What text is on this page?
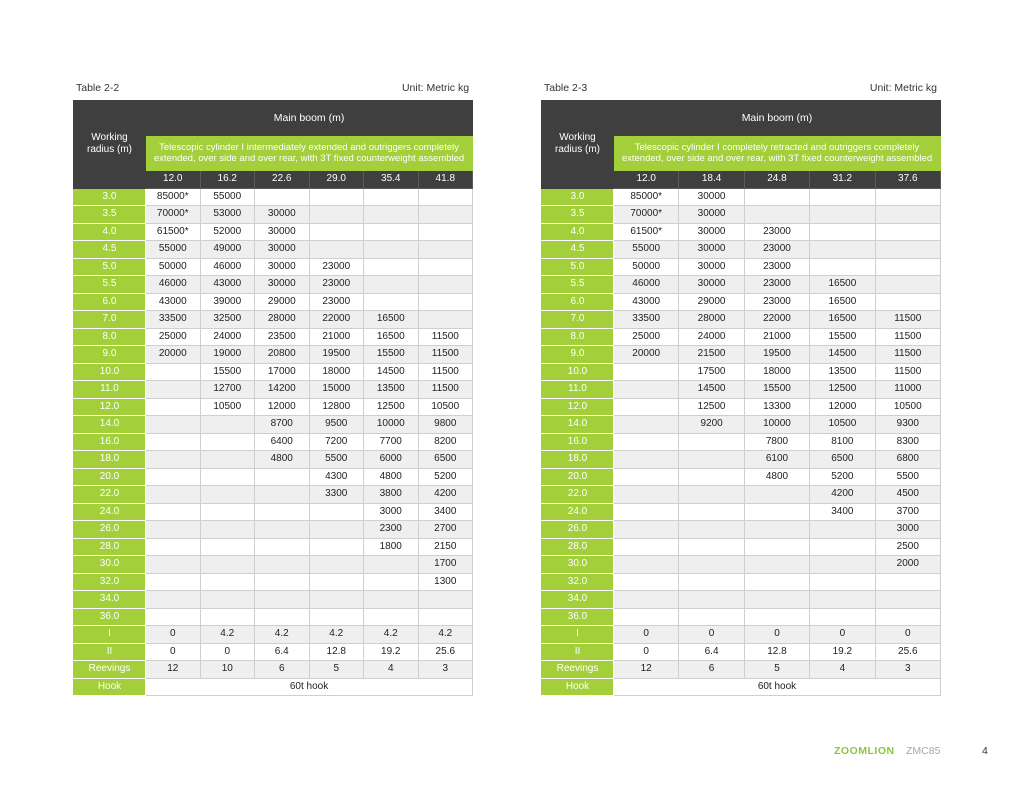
Table 2-2	Unit: Metric kg
Working radius (m)	Main boom (m)					
	Telescopic cylinder I intermediately extended and outriggers completely extended, over side and over rear, with 3T fixed counterweight assembled					
	12.0	16.2	22.6	29.0	35.4	41.8
3.0	85000*	55000				
3.5	70000*	53000	30000			
4.0	61500*	52000	30000			
4.5	55000	49000	30000			
5.0	50000	46000	30000	23000		
5.5	46000	43000	30000	23000		
6.0	43000	39000	29000	23000		
7.0	33500	32500	28000	22000	16500	
8.0	25000	24000	23500	21000	16500	11500
9.0	20000	19000	20800	19500	15500	11500
10.0		15500	17000	18000	14500	11500
11.0		12700	14200	15000	13500	11500
12.0		10500	12000	12800	12500	10500
14.0			8700	9500	10000	9800
16.0			6400	7200	7700	8200
18.0			4800	5500	6000	6500
20.0				4300	4800	5200
22.0				3300	3800	4200
24.0					3000	3400
26.0					2300	2700
28.0					1800	2150
30.0						1700
32.0						1300
34.0						
36.0						
I	0	4.2	4.2	4.2	4.2	4.2
II	0	0	6.4	12.8	19.2	25.6
Reevings	12	10	6	5	4	3
Hook	60t hook					
Table 2-3	Unit: Metric kg
Working radius (m)	Main boom (m)				
	Telescopic cylinder I completely retracted and outriggers completely extended, over side and over rear, with 3T fixed counterweight assembled				
	12.0	18.4	24.8	31.2	37.6
3.0	85000*	30000			
3.5	70000*	30000			
4.0	61500*	30000	23000		
4.5	55000	30000	23000		
5.0	50000	30000	23000		
5.5	46000	30000	23000	16500	
6.0	43000	29000	23000	16500	
7.0	33500	28000	22000	16500	11500
8.0	25000	24000	21000	15500	11500
9.0	20000	21500	19500	14500	11500
10.0		17500	18000	13500	11500
11.0		14500	15500	12500	11000
12.0		12500	13300	12000	10500
14.0		9200	10000	10500	9300
16.0			7800	8100	8300
18.0			6100	6500	6800
20.0			4800	5200	5500
22.0				4200	4500
24.0				3400	3700
26.0					3000
28.0					2500
30.0					2000
32.0					
34.0					
36.0					
I	0	0	0	0	0
II	0	6.4	12.8	19.2	25.6
Reevings	12	6	5	4	3
Hook	60t hook				
ZOOMLION ZMC85	4
